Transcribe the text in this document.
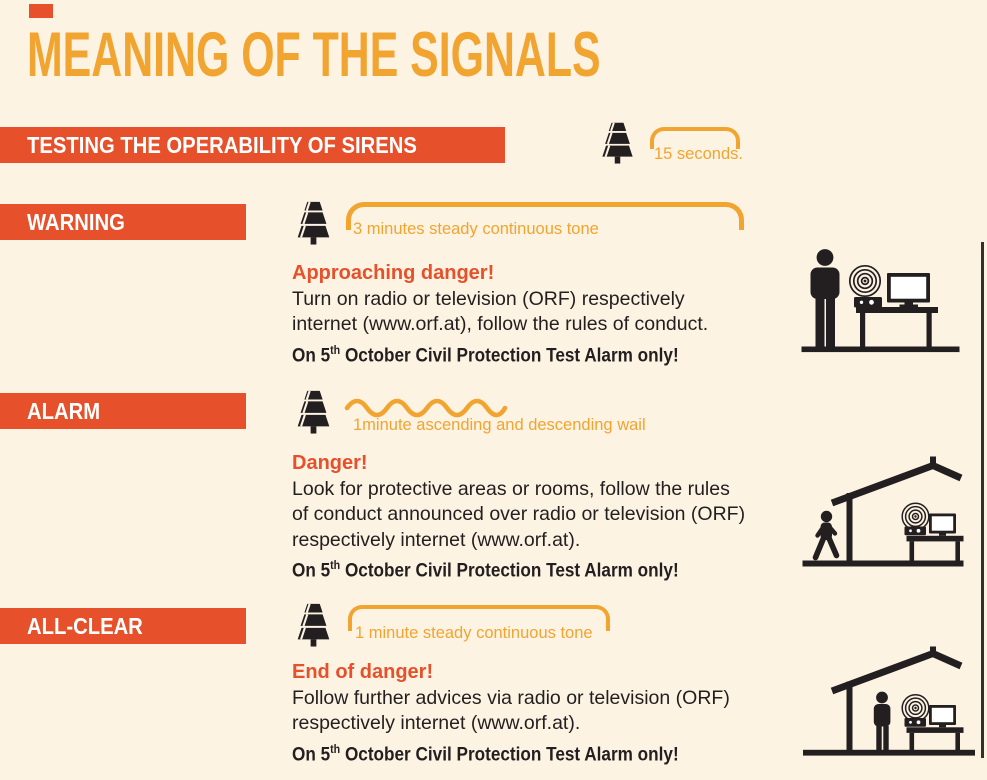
MEANING OF THE SIGNALS
TESTING THE OPERABILITY OF SIRENS	15 seconds.
WARNING	3 minutes steady continuous tone
Approaching danger!
Turn on radio or television (ORF) respectively
internet (www.orf.at), follow the rules of conduct.
On 5th October Civil Protection Test Alarm only!
ALARM
1minute ascending and descending wail
Danger!
Look for protective areas or rooms, follow the rules
of conduct announced over radio or television (ORF)
respectively internet (www.orf.at).
On 5th October Civil Protection Test Alarm only!
ALL-CLEAR	1 minute steady continuous tone
End of danger!
Follow further advices via radio or television (ORF)
respectively internet (www.orf.at).
On 5th October Civil Protection Test Alarm only!
